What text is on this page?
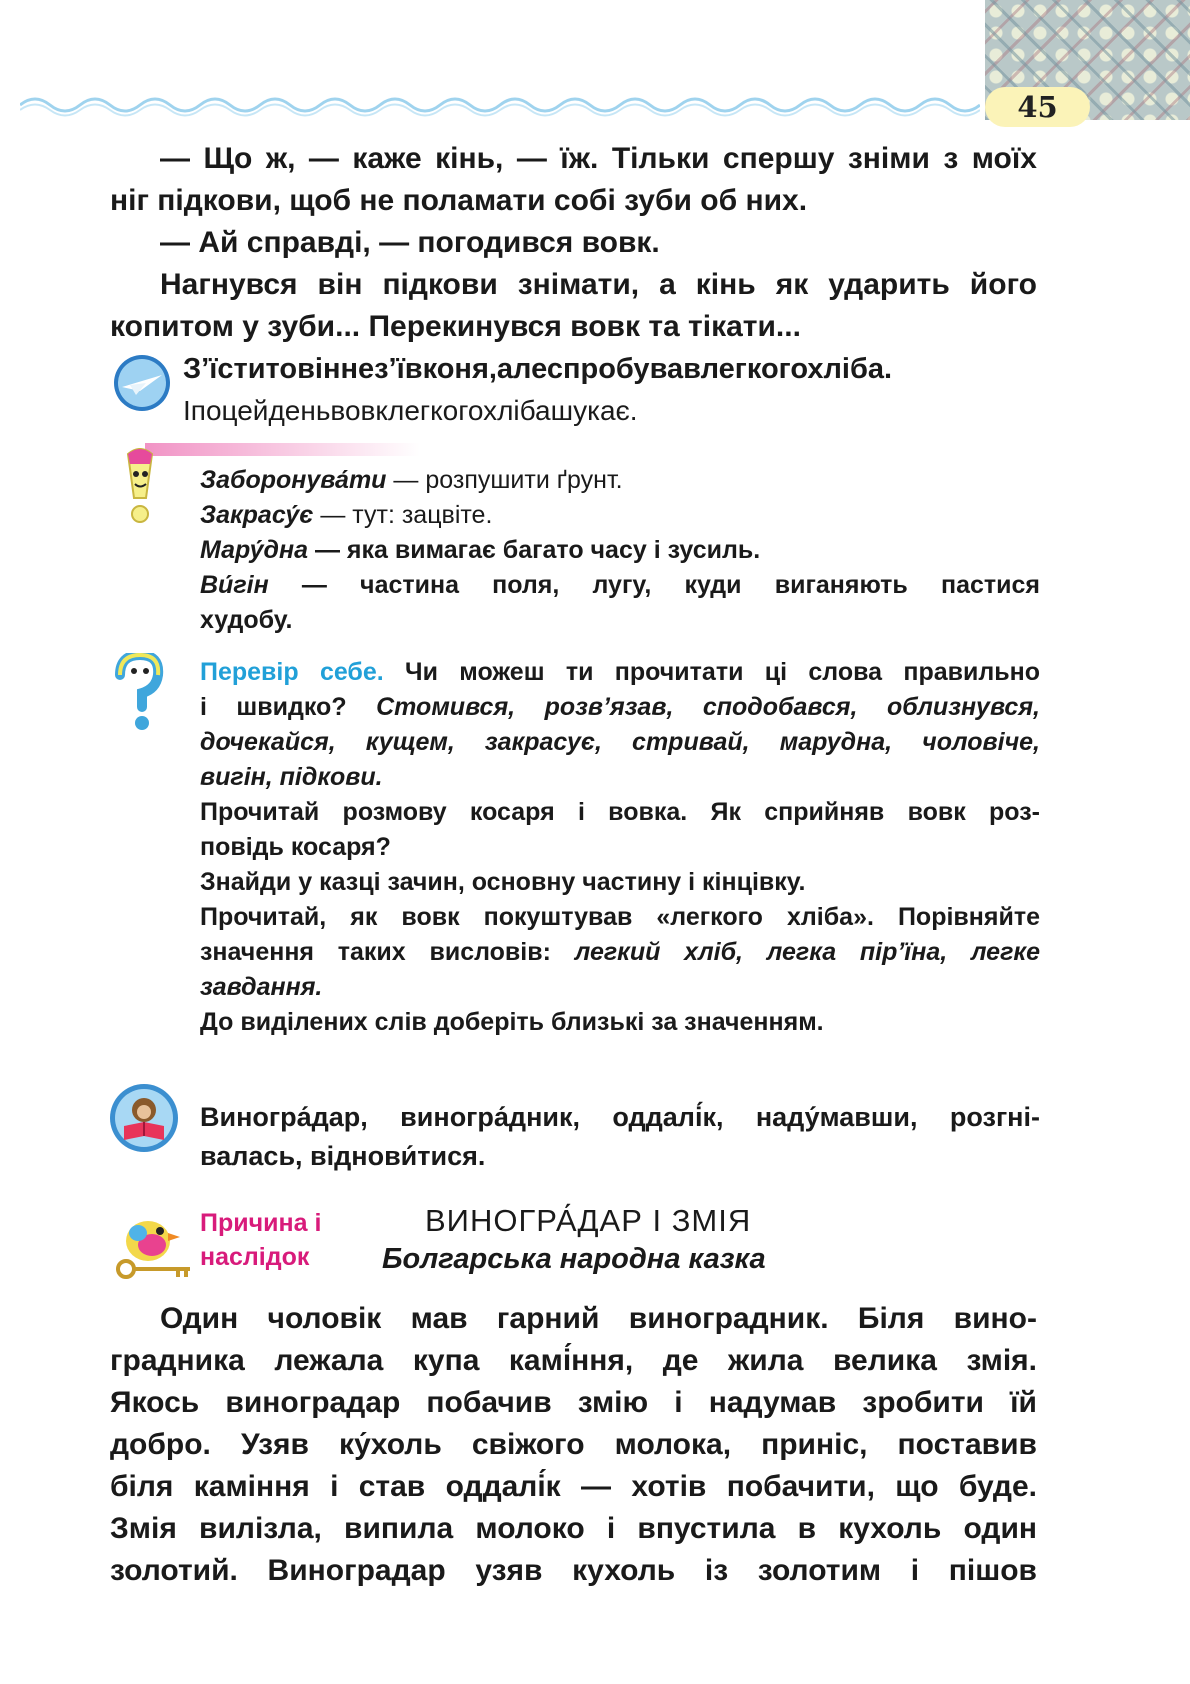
45

— Що ж, — каже кінь, — їж. Тільки спершу зніми з моїх

ніг підкови, щоб не поламати собі зуби об них.

— Ай справді, — погодився вовк.

Нагнувся він підкови знімати, а кінь як ударить його

копитом у зуби... Перекинувся вовк та тікати...

З’їститовіннез’ївконя,алеспробувавлегкогохліба.

Іпоцейденьвовклегкогохлібашукає.

Заборонува́ти — розпушити ґрунт.

Закрасу́є — тут: зацвіте.

Мару́дна — яка вимагає багато часу і зусиль.

Ви́гін — частина поля, лугу, куди виганяють пастися

худобу.

Перевір себе. Чи можеш ти прочитати ці слова правильно

і швидко? Стомився, розв’язав, сподобався, облизнувся,

дочекайся, кущем, закрасує, стривай, марудна, чоловіче,

вигін, підкови.

Прочитай розмову косаря і вовка. Як сприйняв вовк роз-

повідь косаря?

Знайди у казці зачин, основну частину і кінцівку.

Прочитай, як вовк покуштував «легкого хліба». Порівняйте

значення таких висловів: легкий хліб, легка пір’їна, легке

завдання.

До виділених слів доберіть близькі за значенням.

Виногра́дар, виногра́дник, оддалі́к, наду́мавши, розгні-

валась, віднови́тися.

Причина і

наслідок

ВИНОГРА́ДАР І ЗМІЯ

Болгарська народна казка

Один чоловік мав гарний виноградник. Біля вино-

градника лежала купа камі́ння, де жила велика змія.

Якось виноградар побачив змію і надумав зробити їй

добро. Узяв ку́холь свіжого молока, приніс, поставив

біля каміння і став оддалі́к — хотів побачити, що буде.

Змія вилізла, випила молоко і впустила в кухоль один

золотий. Виноградар узяв кухоль із золотим і пішов
